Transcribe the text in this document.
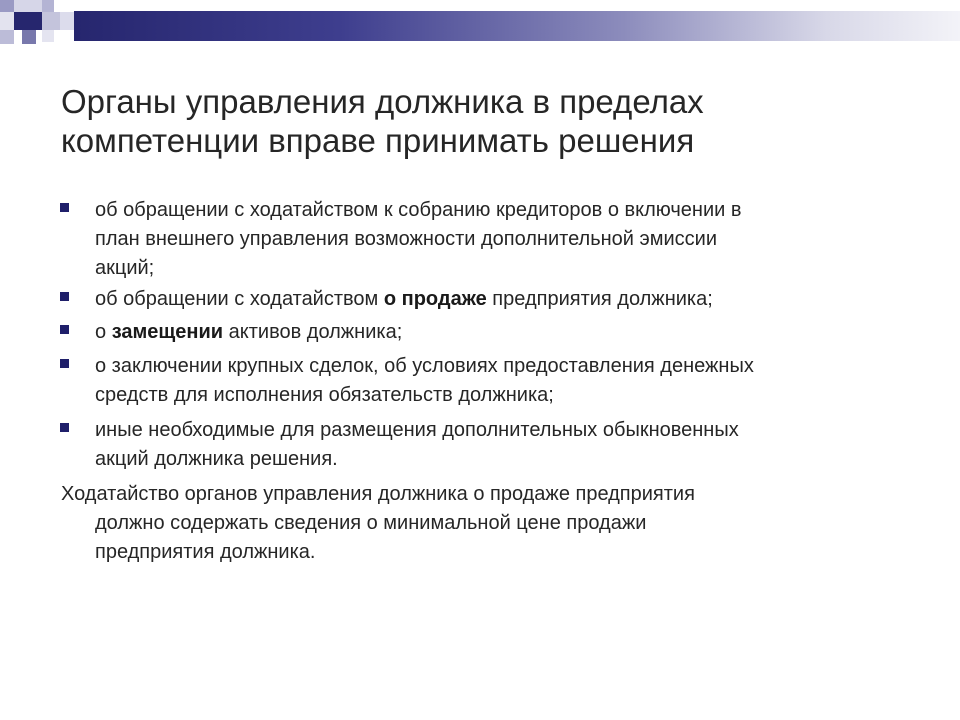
Органы управления должника в пределах
компетенции вправе принимать решения
об обращении с ходатайством к собранию кредиторов о включении в
план внешнего управления возможности дополнительной эмиссии
акций;
об обращении с ходатайством о продаже предприятия должника;
о замещении активов должника;
о заключении крупных сделок, об условиях предоставления денежных
средств для исполнения обязательств должника;
иные необходимые для размещения дополнительных обыкновенных
акций должника решения.
Ходатайство органов управления должника о продаже предприятия
должно содержать сведения о минимальной цене продажи
предприятия должника.
